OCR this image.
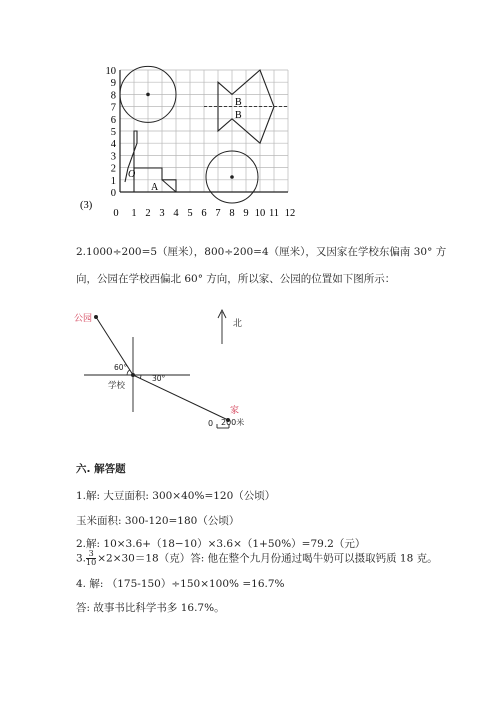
B
B
O
A
0
1
2
3
4
5
6
7
8
9
10
0 1 2 3 4 5 6 7 8 9 10 11 12
(3)
2.1000÷200=5（厘米），800÷200=4（厘米），又因家在学校东偏南 30° 方
向，公园在学校西偏北 60° 方向，所以家、公园的位置如下图所示：
公园	北
60°
30°
学校
家
0 200米
六. 解答题
1.解: 大豆面积: 300×40%=120（公顷）
玉米面积: 300-120=180（公顷）
2.解: 10×3.6+（18−10）×3.6×（1+50%）=79.2（元）
3. $\frac{3}{10} \times 2\times 30=18$（克）答: 他在整个九月份通过喝牛奶可以摄取钙质 18 克。
4. 解: （175-150）÷150×100% =16.7%
答: 故事书比科学书多 16.7%。
